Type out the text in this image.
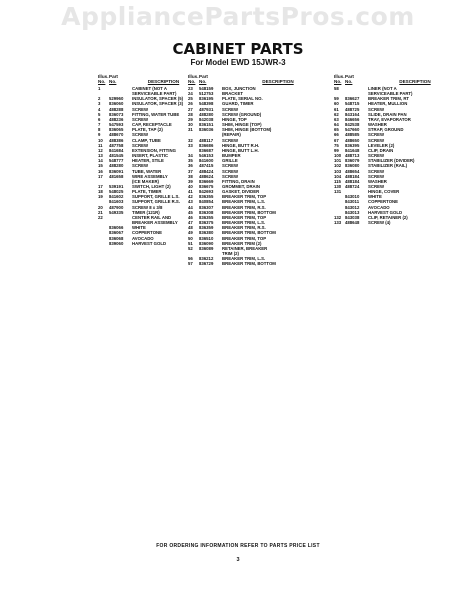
AppliancePartsPros.com
CABINET PARTS
For Model EWD 15JWR-3
Illus. Part
No. No.	DESCRIPTION
1	CABINET (NOT A
SERVICEABLE PART)
2	529960	INSULATOR, SPACER (5)
3	836060	INSULATOR, SPACER (3)
4	488288	SCREW
5	836073	FITTING, WATER TUBE
6	488236	SCREW
7	547593	CAP, RECEPTACLE
8	836065	PLATE, TAP (2)
9	488670	SCREW
10	488386	CLAMP, TUBE
11	487758	SCREW
12	841684	EXTENSION, FITTING
13	481545	INSERT, PLASTIC
14	548777	HEATER, STILE
15	488280	SCREW
16	836091	TUBE, WATER
17	481658	WIRE ASSEMBLY
(ICE MAKER)
17	539191	SWITCH, LIGHT (2)
18	548025	PLATE, TIMER
19	841602	SUPPORT, GRILLE L.S.
841603	SUPPORT, GRILLE R.S.
20	487900	SCREW 8 x 3/8
21	549335	TIMER (121R)
22	CENTER RAIL AND
BREAKER ASSEMBLY
836066	WHITE
836067	COPPERTONE
836068	AVOCADO
839060	HARVEST GOLD
Illus. Part
No. No.	DESCRIPTION
23	548159	BOX, JUNCTION
24	512753	BRACKET
25	836195	PLATE, SERIAL NO.
26	548398	GUARD, TIMER
27	487931	SCREW
28	488280	SCREW (GROUND)
29	842038	HINGE, TOP
30	836151	SHIM, HINGE (TOP)
31	836036	SHIM, HINGE (BOTTOM)
(REPAIR)
32	488117	SCREW
33	836686	HINGE, BUTT R.H.
836687	HINGE, BUTT L.H.
34	546153	BUMPER
35	841600	GRILLE
36	487415	SCREW
37	488424	SCREW
38	488624	SCREW
39	836669	FITTING, DRAIN
40	836675	GROMMET, DRAIN
41	842693	GASKET, DIVIDER
42	836355	BREAKER TRIM, TOP
43	840854	BREAKER TRIM, L.S.
44	836307	BREAKER TRIM, R.S.
45	836308	BREAKER TRIM, BOTTOM
46	836355	BREAKER TRIM, TOP
47	836375	BREAKER TRIM, L.S.
48	836359	BREAKER TRIM, R.S.
49	836380	BREAKER TRIM, BOTTOM
50	836510	BREAKER TRIM, TOP
51	836090	BREAKER TRIM (2)
52	836089	RETAINER, BREAKER
TRIM (2)
56	836212	BREAKER TRIM, L.S.
57	836729	BREAKER TRIM, BOTTOM
Illus. Part
No. No.	DESCRIPTION
58	LINER (NOT A
SERVICEABLE PART)
59	836627	BREAKER TRIM, RT
60	548715	HEATER, MULLION
61	488725	SCREW
62	843164	SLIDE, DRAIN PAN
63	846656	TRAY, EVAPORATOR
64	842538	WASHER
65	547660	STRAP, GROUND
66	488585	SCREW
67	488650	SCREW
75	836395	LEVELER (2)
99	841648	CLIP, DRAIN
100 488713	SCREW
101 836079	STABILIZER (DIVIDER)
102 836080	STABILIZER (RAIL)
103 488654	SCREW
104 488184	SCREW
115 488184	WASHER
130 488724	SCREW
131	HINGE, COVER
843010	WHITE
843011	COPPERTONE
843012	AVOCADO
843013	HARVEST GOLD
132 843038	CLIP, RETAINER (2)
133 488648	SCREW (4)
FOR ORDERING INFORMATION REFER TO PARTS PRICE LIST
3
